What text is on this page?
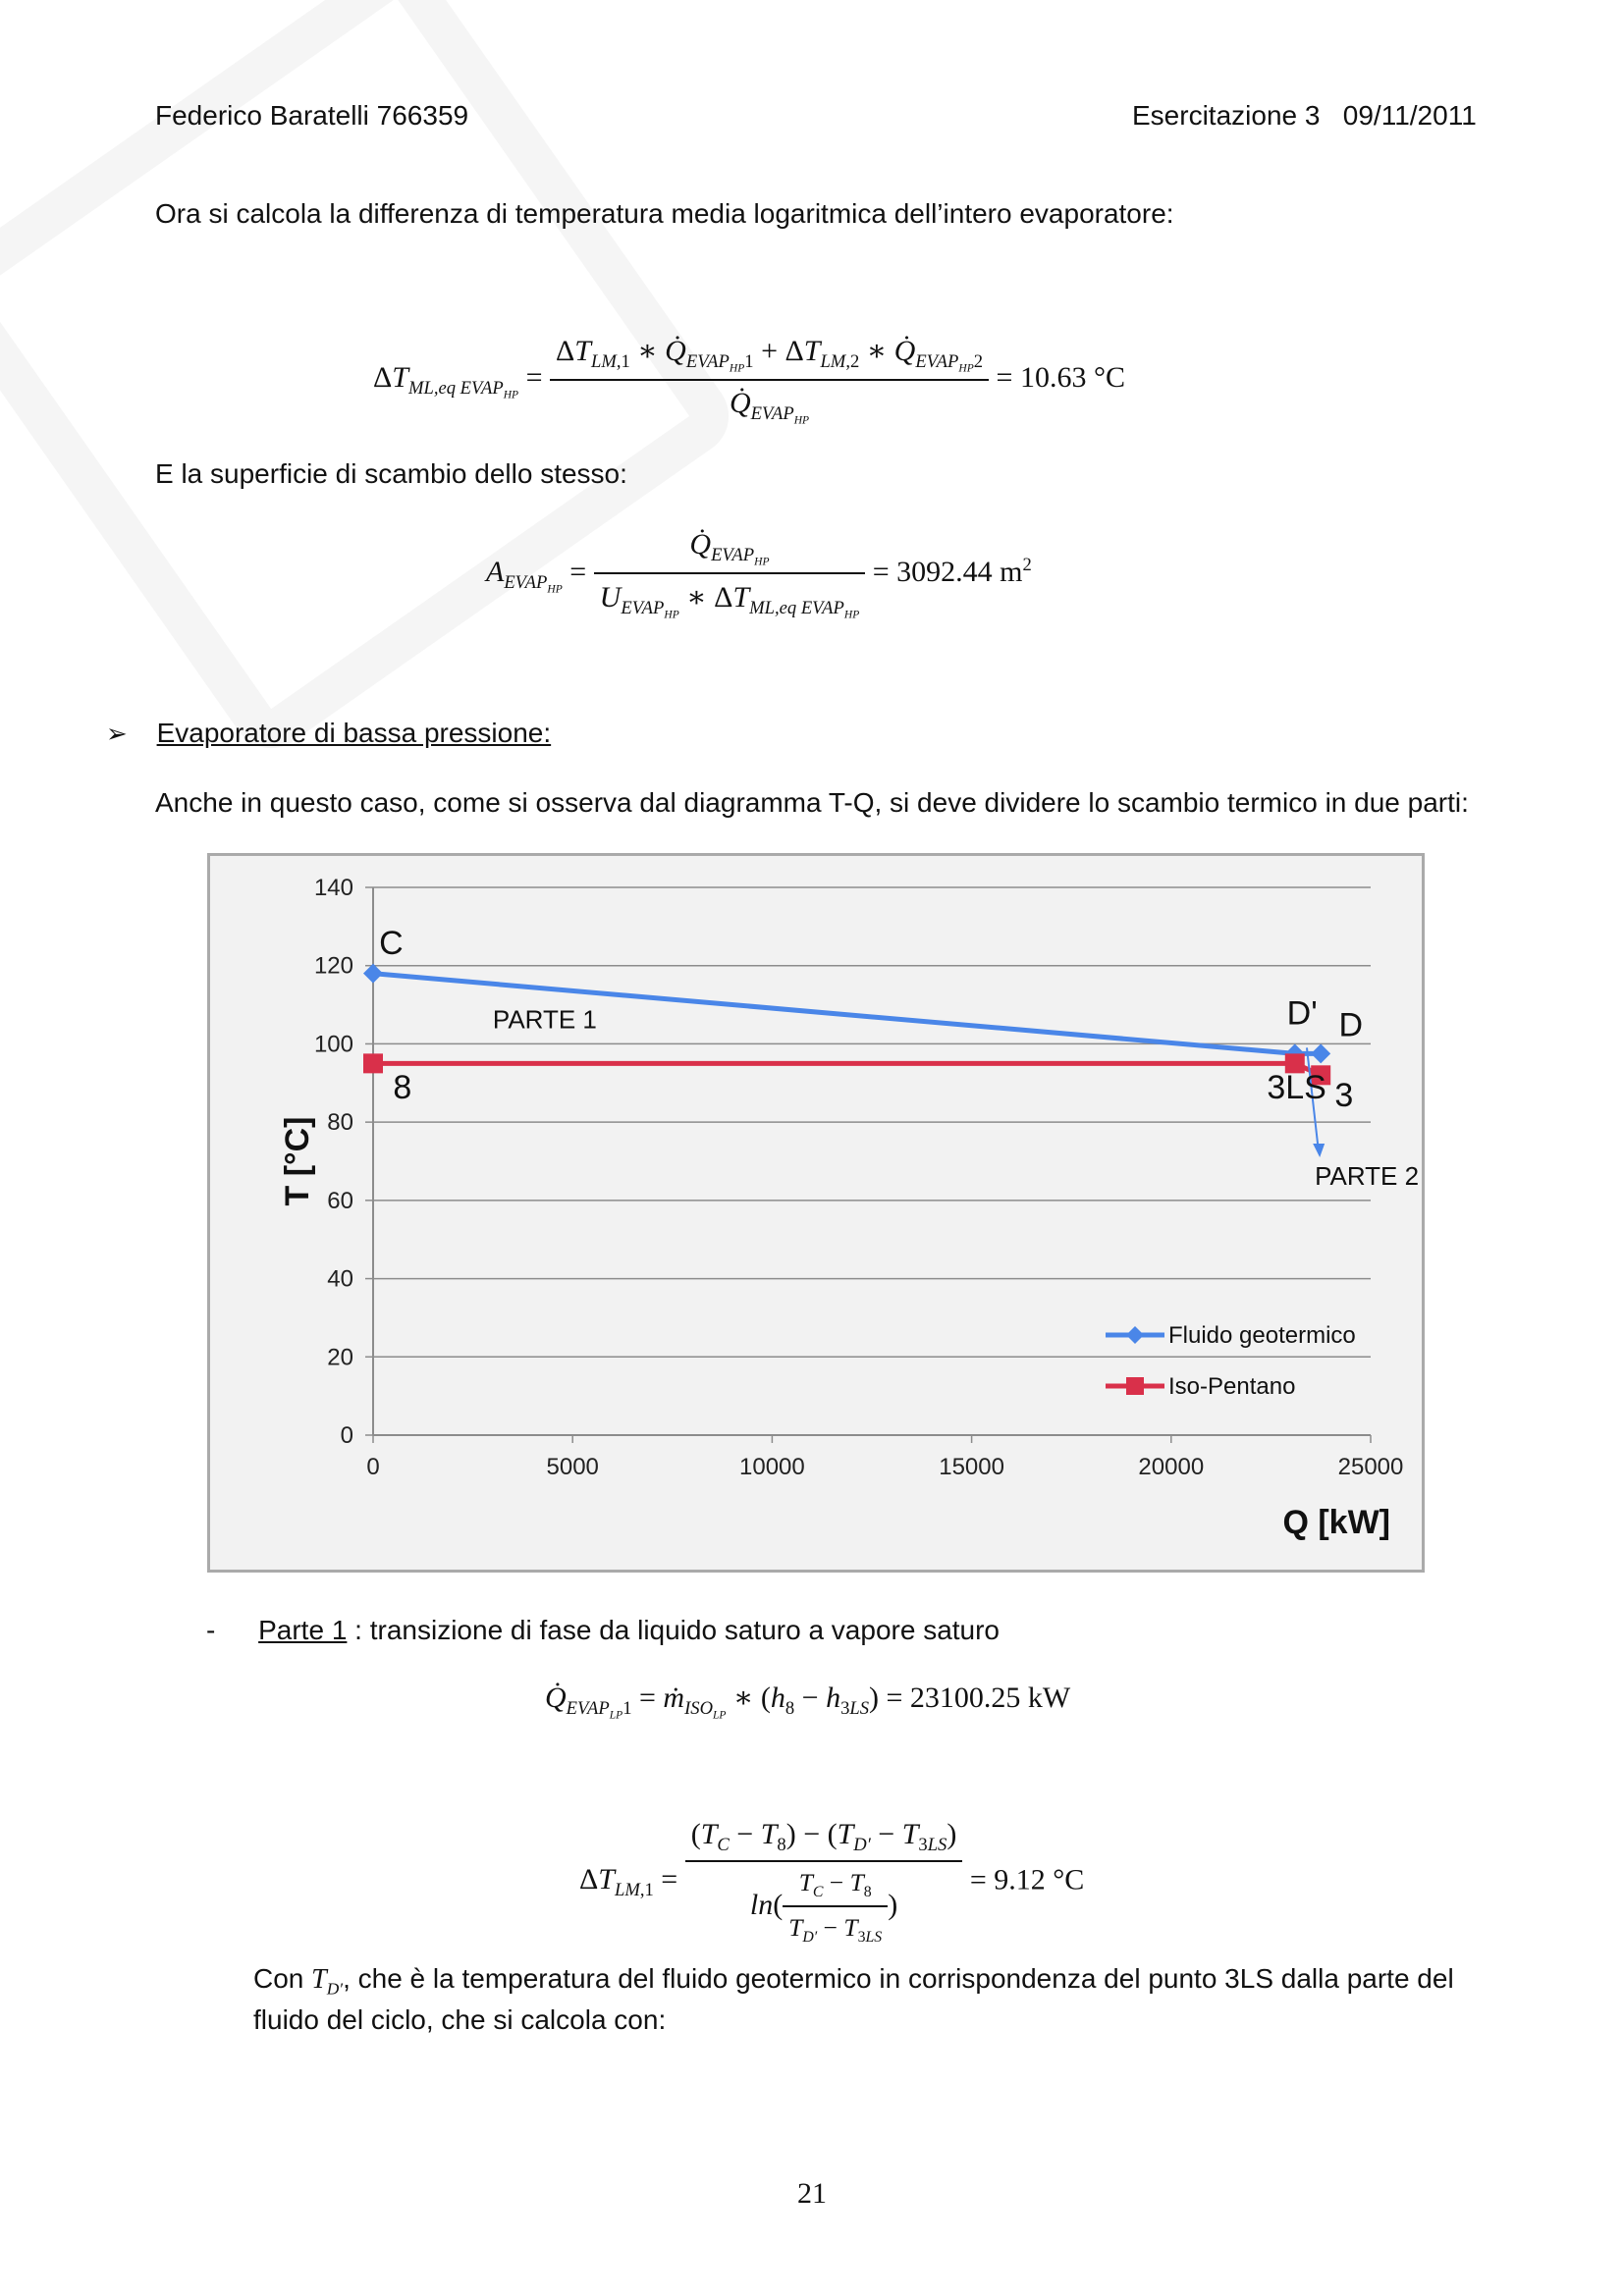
Federico Baratelli 766359	Esercitazione 3 09/11/2011
Ora si calcola la differenza di temperatura media logaritmica dell’intero evaporatore:
$\Delta T_{ML,eq EVAP_{HP}} = \frac{\Delta T_{LM,1} ∗ Q̇_{EVAP_{HP}1} + \Delta T_{LM,2} ∗ Q̇_{EVAP_{HP}2}}{Q̇_{EVAP_{HP}}} = 10.63$ °C
E la superficie di scambio dello stesso:
$A_{EVAP_{HP}} = \frac{Q̇_{EVAP_{HP}}}{U_{EVAP_{HP}} ∗ \Delta T_{ML,eq EVAP_{HP}}} = 3092.44$ $m^2$
➢ Evaporatore di bassa pressione:
Anche in questo caso, come si osserva dal diagramma T-Q, si deve dividere lo scambio termico in due parti:
0
20
40
60
80
100
120
140
0	5000	10000	15000	20000	25000
T [°C]
Q [kW]
C
PARTE 1
8
D' D
3LS 3
PARTE 2
Fluido geotermico
Iso-Pentano
- Parte 1 : transizione di fase da liquido saturo a vapore saturo
$Q̇_{EVAP_{LP}1}$ = ṁ$_{ISO_{LP}}$ ∗ $(h_8 - h_{3LS}) = 23100.25$ kW
$\Delta T_{LM,1} = \frac{(T_C - T_8) - (T_{D'} - T_{3LS})}{\ln( \frac{T_C - T_8}{T_{D'} - T_{3LS}} )} = 9.12$ °C
Con $T_{D'}$, che è la temperatura del fluido geotermico in corrispondenza del punto 3LS dalla parte del
fluido del ciclo, che si calcola con:
21
